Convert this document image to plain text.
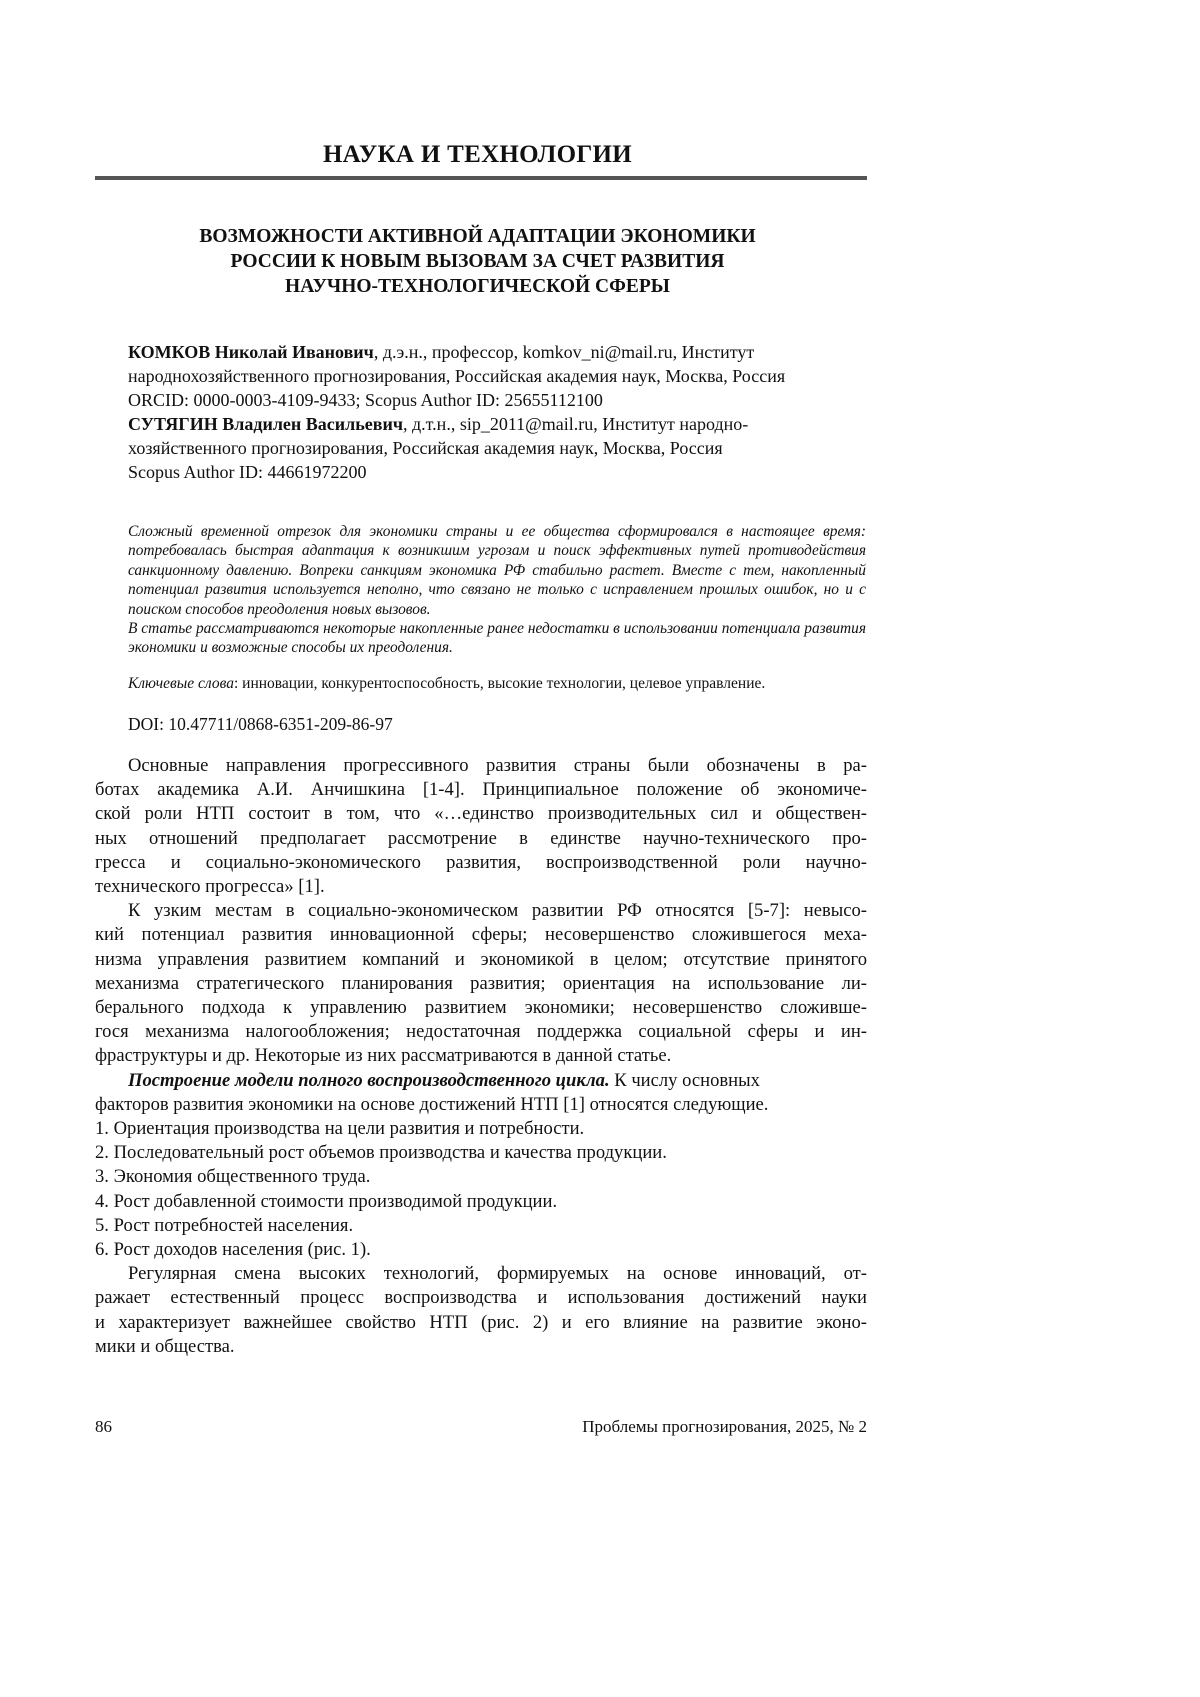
НАУКА И ТЕХНОЛОГИИ
ВОЗМОЖНОСТИ АКТИВНОЙ АДАПТАЦИИ ЭКОНОМИКИ
РОССИИ К НОВЫМ ВЫЗОВАМ ЗА СЧЕТ РАЗВИТИЯ
НАУЧНО-ТЕХНОЛОГИЧЕСКОЙ СФЕРЫ
КОМКОВ Николай Иванович, д.э.н., профессор, komkov_ni@mail.ru, Институт
народнохозяйственного прогнозирования, Российская академия наук, Москва, Россия
ORCID: 0000-0003-4109-9433; Scopus Author ID: 25655112100
СУТЯГИН Владилен Васильевич, д.т.н., sip_2011@mail.ru, Институт народно-
хозяйственного прогнозирования, Российская академия наук, Москва, Россия
Scopus Author ID: 44661972200

Сложный временной отрезок для экономики страны и ее общества сформировался в настоящее время: потребовалась быстрая адаптация к возникшим угрозам и поиск эффективных путей противодействия санкционному давлению. Вопреки санкциям экономика РФ стабильно растет. Вместе с тем, накопленный потенциал развития используется неполно, что связано не только с исправлением прошлых ошибок, но и с поиском способов преодоления новых вызовов.

В статье рассматриваются некоторые накопленные ранее недостатки в использовании потенциала развития экономики и возможные способы их преодоления.

Ключевые слова: инновации, конкурентоспособность, высокие технологии, целевое управление.
DOI: 10.47711/0868-6351-209-86-97
Основные направления прогрессивного развития страны были обозначены в ра-
ботах академика А.И. Анчишкина [1-4]. Принципиальное положение об экономиче-
ской роли НТП состоит в том, что «…единство производительных сил и обществен-
ных отношений предполагает рассмотрение в единстве научно-технического про-
гресса и социально-экономического развития, воспроизводственной роли научно-
технического прогресса» [1].
К узким местам в социально-экономическом развитии РФ относятся [5-7]: невысо-
кий потенциал развития инновационной сферы; несовершенство сложившегося меха-
низма управления развитием компаний и экономикой в целом; отсутствие принятого
механизма стратегического планирования развития; ориентация на использование ли-
берального подхода к управлению развитием экономики; несовершенство сложивше-
гося механизма налогообложения; недостаточная поддержка социальной сферы и ин-
фраструктуры и др. Некоторые из них рассматриваются в данной статье.
Построение модели полного воспроизводственного цикла. К числу основных
факторов развития экономики на основе достижений НТП [1] относятся следующие.
1. Ориентация производства на цели развития и потребности.
2. Последовательный рост объемов производства и качества продукции.
3. Экономия общественного труда.
4. Рост добавленной стоимости производимой продукции.
5. Рост потребностей населения.
6. Рост доходов населения (рис. 1).
Регулярная смена высоких технологий, формируемых на основе инноваций, от-
ражает естественный процесс воспроизводства и использования достижений науки
и характеризует важнейшее свойство НТП (рис. 2) и его влияние на развитие эконо-
мики и общества.
86	Проблемы прогнозирования, 2025, № 2
